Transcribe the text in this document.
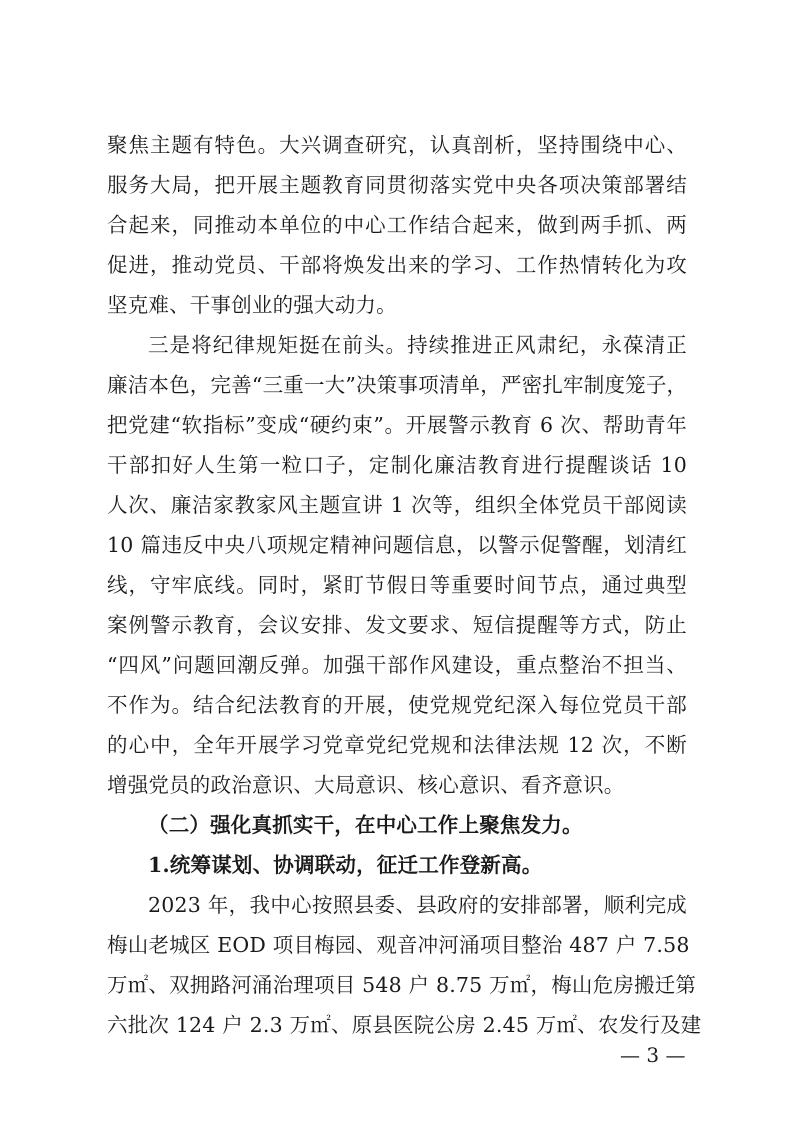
聚焦主题有特色。大兴调查研究，认真剖析，坚持围绕中心、
服务大局，把开展主题教育同贯彻落实党中央各项决策部署结
合起来，同推动本单位的中心工作结合起来，做到两手抓、两
促进，推动党员、干部将焕发出来的学习、工作热情转化为攻
坚克难、干事创业的强大动力。
三是将纪律规矩挺在前头。持续推进正风肃纪，永葆清正
廉洁本色，完善“三重一大”决策事项清单，严密扎牢制度笼子，
把党建“软指标”变成“硬约束”。开展警示教育 6 次、帮助青年
干部扣好人生第一粒口子，定制化廉洁教育进行提醒谈话 10
人次、廉洁家教家风主题宣讲 1 次等，组织全体党员干部阅读
10 篇违反中央八项规定精神问题信息，以警示促警醒，划清红
线，守牢底线。同时，紧盯节假日等重要时间节点，通过典型
案例警示教育，会议安排、发文要求、短信提醒等方式，防止
“四风”问题回潮反弹。加强干部作风建设，重点整治不担当、
不作为。结合纪法教育的开展，使党规党纪深入每位党员干部
的心中，全年开展学习党章党纪党规和法律法规 12 次，不断
增强党员的政治意识、大局意识、核心意识、看齐意识。
（二）强化真抓实干，在中心工作上聚焦发力。
1.统筹谋划、协调联动，征迁工作登新高。
2023 年，我中心按照县委、县政府的安排部署，顺利完成
梅山老城区 EOD 项目梅园、观音冲河涌项目整治 487 户 7.58
万㎡、双拥路河涌治理项目 548 户 8.75 万㎡，梅山危房搬迁第
六批次 124 户 2.3 万㎡、原县医院公房 2.45 万㎡、农发行及建
— 3 —
